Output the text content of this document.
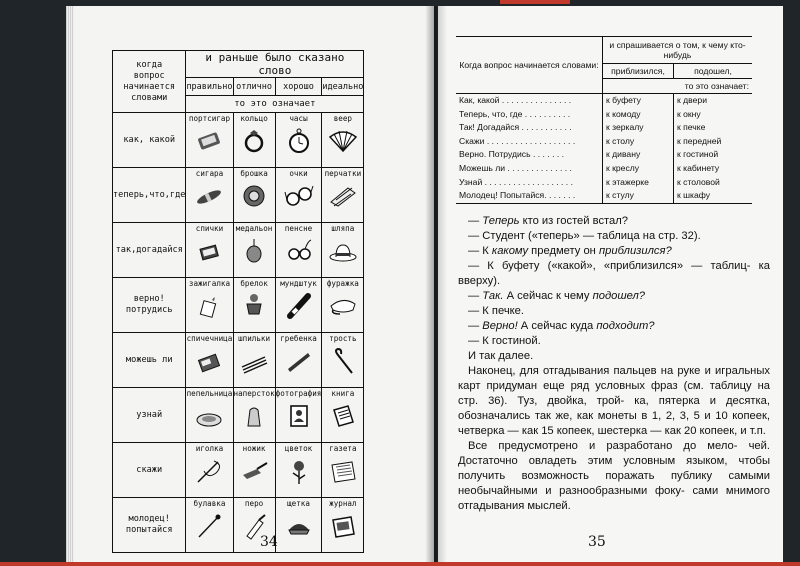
когда вопрос начинается словами	и раньше было сказано слово			
	правильно	отлично	хорошо	идеально
	то это означает			
как, какой	портсигар	кольцо	часы	веер

теперь,что,где	сигара	брошка	очки	перчатки

так,догадайся	спички	медальон	пенсне	шляпа

верно!потрудись	зажигалка	брелок	мундштук	фуражка

можешь ли	спичечница	шпильки	гребенка	трость

узнай	пепельница	наперсток	фотография	книга

скажи	иголка	ножик	цветок	газета

молодец! попытайся	булавка	перо	щетка	журнал
34
Когда вопрос начинается словами:	и спрашивается о том, к чему кто-нибудь	
	приблизился,	подошел,
	то это означает:	
Как, какой . . . . . . . . . . . . . . .	к буфету	к двери
Теперь, что, где . . . . . . . . . .	к комоду	к окну
Так! Догадайся . . . . . . . . . . .	к зеркалу	к печке
Скажи . . . . . . . . . . . . . . . . . . .	к столу	к передней
Верно. Потрудись . . . . . . .	к дивану	к гостиной
Можешь ли . . . . . . . . . . . . . .	к креслу	к кабинету
Узнай . . . . . . . . . . . . . . . . . . .	к этажерке	к столовой
Молодец! Попытайся. . . . . . .	к стулу	к шкафу

— Теперь кто из гостей встал?

— Студент («теперь» — таблица на стр. 32).

— К какому предмету он приблизился?

— К буфету («какой», «приблизился» — таблиц- ка вверху).

— Так. А сейчас к чему подошел?

— К печке.

— Верно! А сейчас куда подходит?

— К гостиной.

И так далее.

Наконец, для отгадывания пальцев на руке и игральных карт придуман еще ряд условных фраз (см. таблицу на стр. 36). Туз, двойка, трой- ка, пятерка и десятка, обозначались так же, как монеты в 1, 2, 3, 5 и 10 копеек, четверка — как 15 копеек, шестерка — как 20 копеек, и т.п.

Все предусмотрено и разработано до мело- чей. Достаточно овладеть этим условным языком, чтобы получить возможность поражать публику самыми необычайными и разнообразными фоку- сами мнимого отгадывания мыслей.

35
